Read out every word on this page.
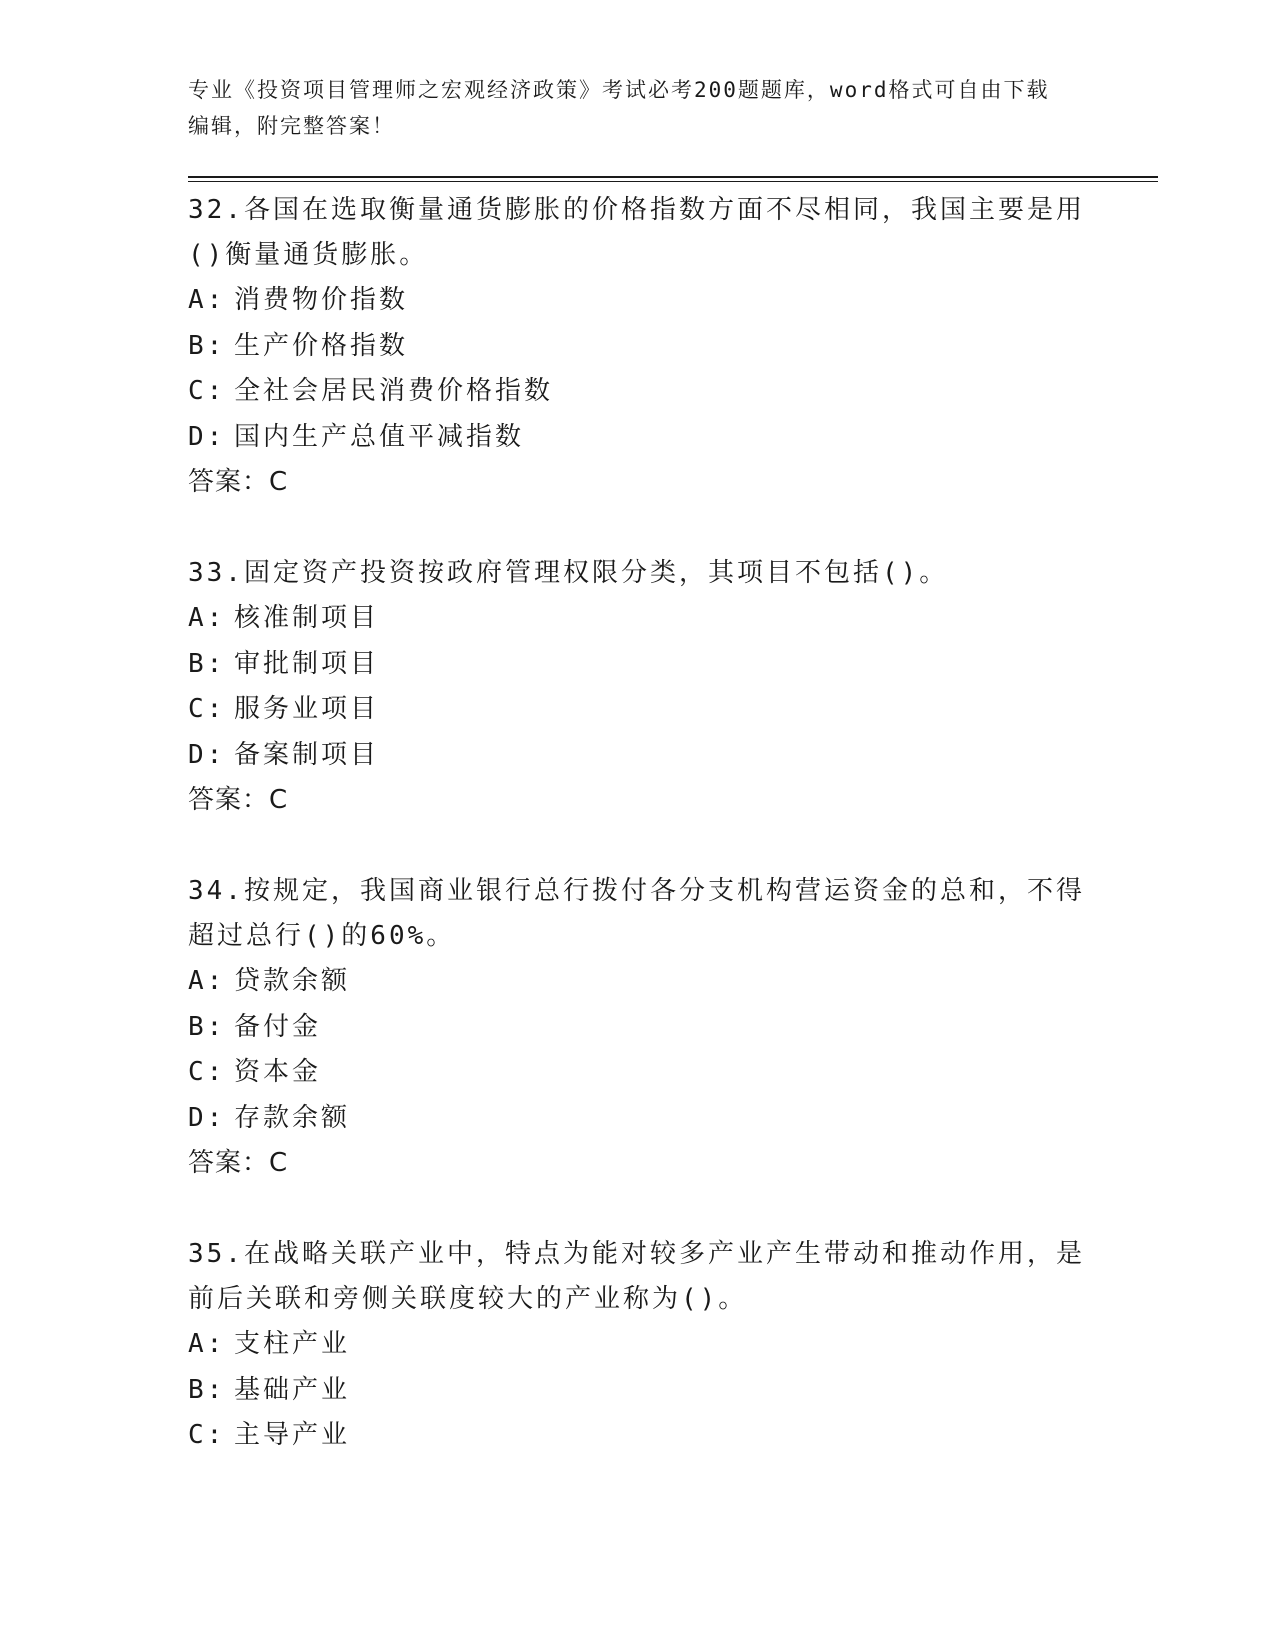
专业《投资项目管理师之宏观经济政策》考试必考200题题库，word格式可自由下载编辑，附完整答案！
32.各国在选取衡量通货膨胀的价格指数方面不尽相同，我国主要是用()衡量通货膨胀。
A: 消费物价指数
B: 生产价格指数
C: 全社会居民消费价格指数
D: 国内生产总值平减指数
答案：C
33.固定资产投资按政府管理权限分类，其项目不包括()。
A: 核准制项目
B: 审批制项目
C: 服务业项目
D: 备案制项目
答案：C
34.按规定，我国商业银行总行拨付各分支机构营运资金的总和，不得超过总行()的60%。
A: 贷款余额
B: 备付金
C: 资本金
D: 存款余额
答案：C
35.在战略关联产业中，特点为能对较多产业产生带动和推动作用，是前后关联和旁侧关联度较大的产业称为()。
A: 支柱产业
B: 基础产业
C: 主导产业
